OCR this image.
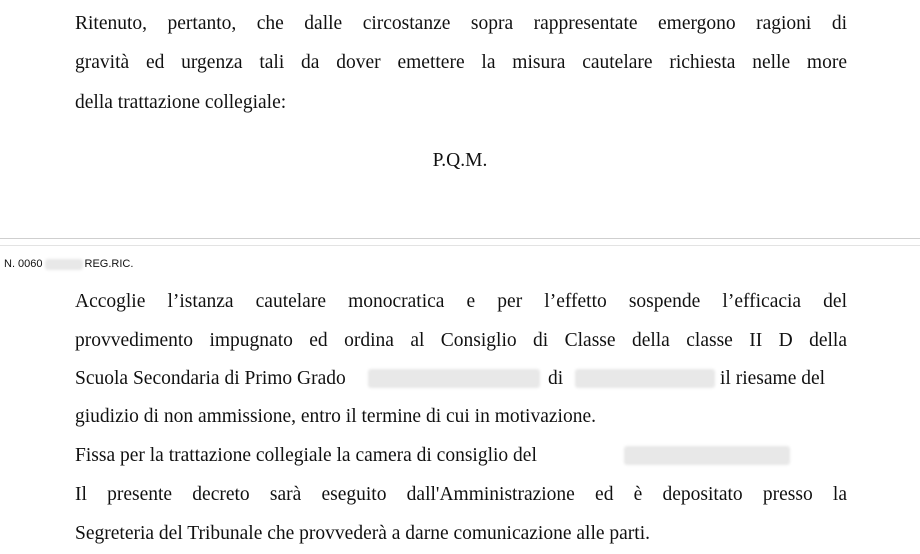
Ritenuto, pertanto, che dalle circostanze sopra rappresentate emergono ragioni di
gravità ed urgenza tali da dover emettere la misura cautelare richiesta nelle more
della trattazione collegiale:
P.Q.M.
N. 0060	REG.RIC.
Accoglie l’istanza cautelare monocratica e per l’effetto sospende l’efficacia del
provvedimento impugnato ed ordina al Consiglio di Classe della classe II D della
Scuola Secondaria di Primo Grado	di	il riesame del
giudizio di non ammissione, entro il termine di cui in motivazione.
Fissa per la trattazione collegiale la camera di consiglio del
Il presente decreto sarà eseguito dall'Amministrazione ed è depositato presso la
Segreteria del Tribunale che provvederà a darne comunicazione alle parti.
